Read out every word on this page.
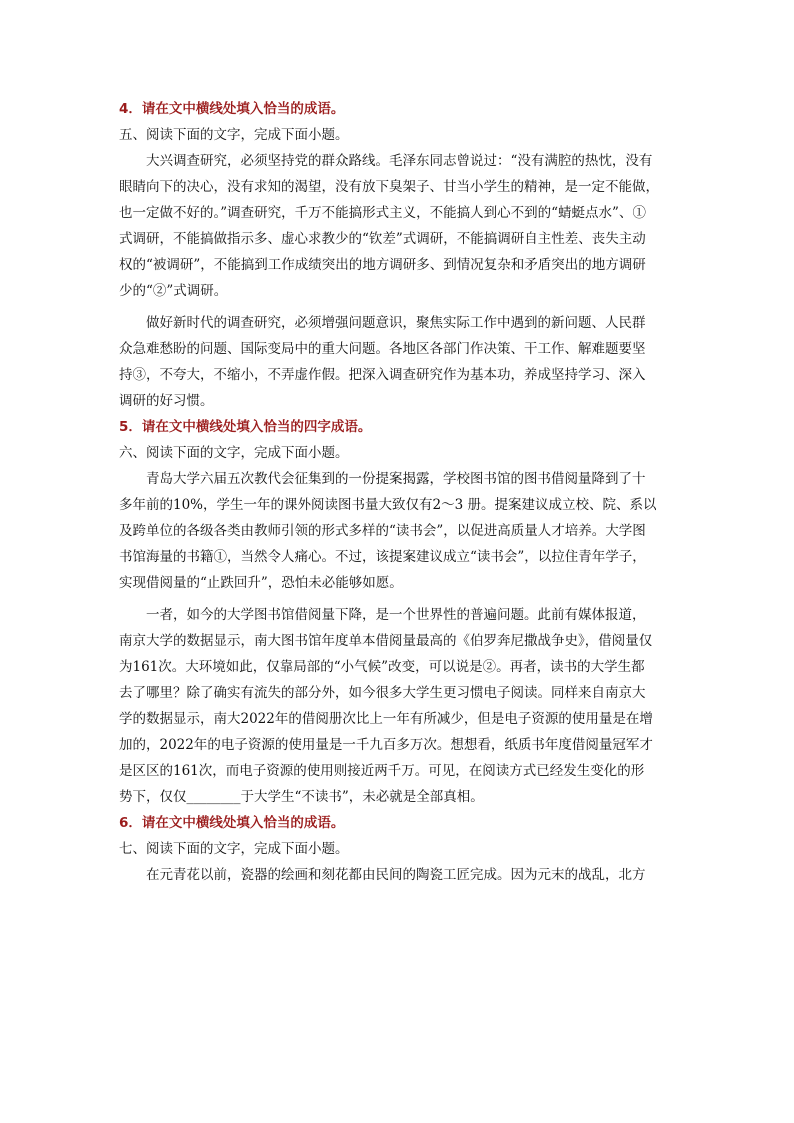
4．请在文中横线处填入恰当的成语。
五、阅读下面的文字，完成下面小题。
大兴调查研究，必须坚持党的群众路线。毛泽东同志曾说过：“没有满腔的热忱，没有
眼睛向下的决心，没有求知的渴望，没有放下臭架子、甘当小学生的精神，是一定不能做，
也一定做不好的。”调查研究，千万不能搞形式主义，不能搞人到心不到的“蜻蜓点水”、①
式调研，不能搞做指示多、虚心求教少的“钦差”式调研，不能搞调研自主性差、丧失主动
权的“被调研”，不能搞到工作成绩突出的地方调研多、到情况复杂和矛盾突出的地方调研
少的“②”式调研。
做好新时代的调查研究，必须增强问题意识，聚焦实际工作中遇到的新问题、人民群
众急难愁盼的问题、国际变局中的重大问题。各地区各部门作决策、干工作、解难题要坚
持③，不夸大，不缩小，不弄虚作假。把深入调查研究作为基本功，养成坚持学习、深入
调研的好习惯。
5．请在文中横线处填入恰当的四字成语。
六、阅读下面的文字，完成下面小题。
青岛大学六届五次教代会征集到的一份提案揭露，学校图书馆的图书借阅量降到了十
多年前的10%，学生一年的课外阅读图书量大致仅有2～3 册。提案建议成立校、院、系以
及跨单位的各级各类由教师引领的形式多样的“读书会”，以促进高质量人才培养。大学图
书馆海量的书籍①，当然令人痛心。不过，该提案建议成立“读书会”，以拉住青年学子，
实现借阅量的“止跌回升”，恐怕未必能够如愿。
一者，如今的大学图书馆借阅量下降，是一个世界性的普遍问题。此前有媒体报道，
南京大学的数据显示，南大图书馆年度单本借阅量最高的《伯罗奔尼撒战争史》，借阅量仅
为161次。大环境如此，仅靠局部的“小气候”改变，可以说是②。再者，读书的大学生都
去了哪里？除了确实有流失的部分外，如今很多大学生更习惯电子阅读。同样来自南京大
学的数据显示，南大2022年的借阅册次比上一年有所减少，但是电子资源的使用量是在增
加的，2022年的电子资源的使用量是一千九百多万次。想想看，纸质书年度借阅量冠军才
是区区的161次，而电子资源的使用则接近两千万。可见，在阅读方式已经发生变化的形
势下，仅仅________于大学生“不读书”，未必就是全部真相。
6．请在文中横线处填入恰当的成语。
七、阅读下面的文字，完成下面小题。
在元青花以前，瓷器的绘画和刻花都由民间的陶瓷工匠完成。因为元末的战乱，北方
